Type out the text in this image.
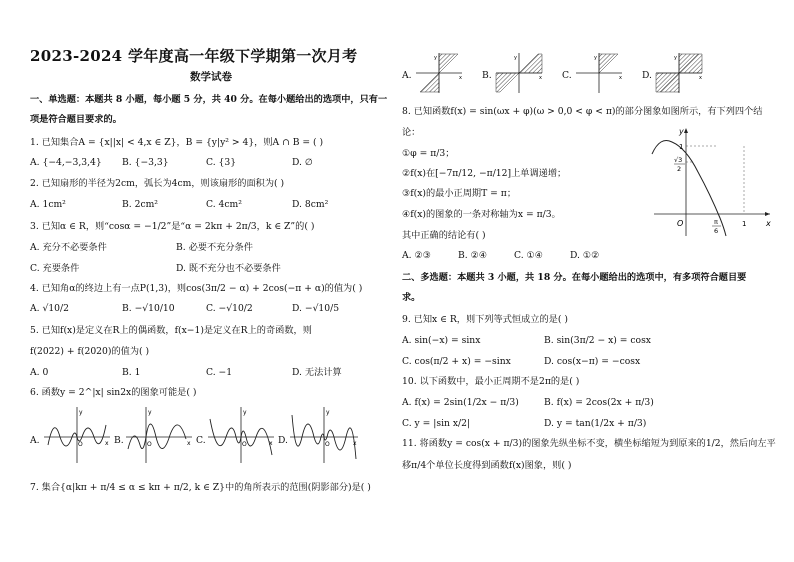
2023-2024 学年度高一年级下学期第一次月考
数学试卷
一、单选题：本题共 8 小题，每小题 5 分，共 40 分。在每小题给出的选项中，只有一
项是符合题目要求的。
1. 已知集合A = {x||x| < 4,x ∈ Z}，B = {y|y² > 4}，则A ∩ B = ( )
A. {−4,−3,3,4} B. {−3,3}	C. {3}	D. ∅
2. 已知扇形的半径为2cm，弧长为4cm，则该扇形的面积为( )
A. 1cm²	B. 2cm²	C. 4cm²	D. 8cm²
3. 已知α ∈ R，则“cosα = −1/2”是“α = 2kπ + 2π/3，k ∈ Z”的( )
A. 充分不必要条件	B. 必要不充分条件
C. 充要条件	D. 既不充分也不必要条件
4. 已知角α的终边上有一点P(1,3)，则cos(3π/2 − α) + 2cos(−π + α)的值为( )
A. √10/2	B. −√10/10	C. −√10/2	D. −√10/5
5. 已知f(x)是定义在R上的偶函数，f(x−1)是定义在R上的奇函数，则
f(2022) + f(2020)的值为( )
A. 0	B. 1	C. −1	D. 无法计算
6. 函数y = 2^|x| sin2x的图象可能是( )
A.
y
x
O	B.
y
x
O	C.
y
x
O	D.
y
x
O
7. 集合{α|kπ + π/4 ≤ α ≤ kπ + π/2, k ∈ Z}中的角所表示的范围(阴影部分)是( )
A.
y
x B.
y
x C.
y
x D.
y
x
8. 已知函数f(x) = sin(ωx + φ)(ω > 0,0 < φ < π)的部分图象如图所示，有下列四个结
论：
①φ = π/3；
②f(x)在[−7π/12, −π/12]上单调递增；
③f(x)的最小正周期T = π；
④f(x)的图象的一条对称轴为x = π/3。
其中正确的结论有( )
A. ②③	B. ②④	C. ①④	D. ①②
y
x
O
1
√3
2
π
6
1
二、多选题：本题共 3 小题，共 18 分。在每小题给出的选项中，有多项符合题目要
求。
9. 已知x ∈ R，则下列等式恒成立的是( )
A. sin(−x) = sinx	B. sin(3π/2 − x) = cosx
C. cos(π/2 + x) = −sinx	D. cos(x−π) = −cosx
10. 以下函数中，最小正周期不是2π的是( )
A. f(x) = 2sin(1/2x − π/3)	B. f(x) = 2cos(2x + π/3)
C. y = |sin x/2|	D. y = tan(1/2x + π/3)
11. 将函数y = cos(x + π/3)的图象先纵坐标不变，横坐标缩短为到原来的1/2，然后向左平
移π/4个单位长度得到函数f(x)图象，则( )
